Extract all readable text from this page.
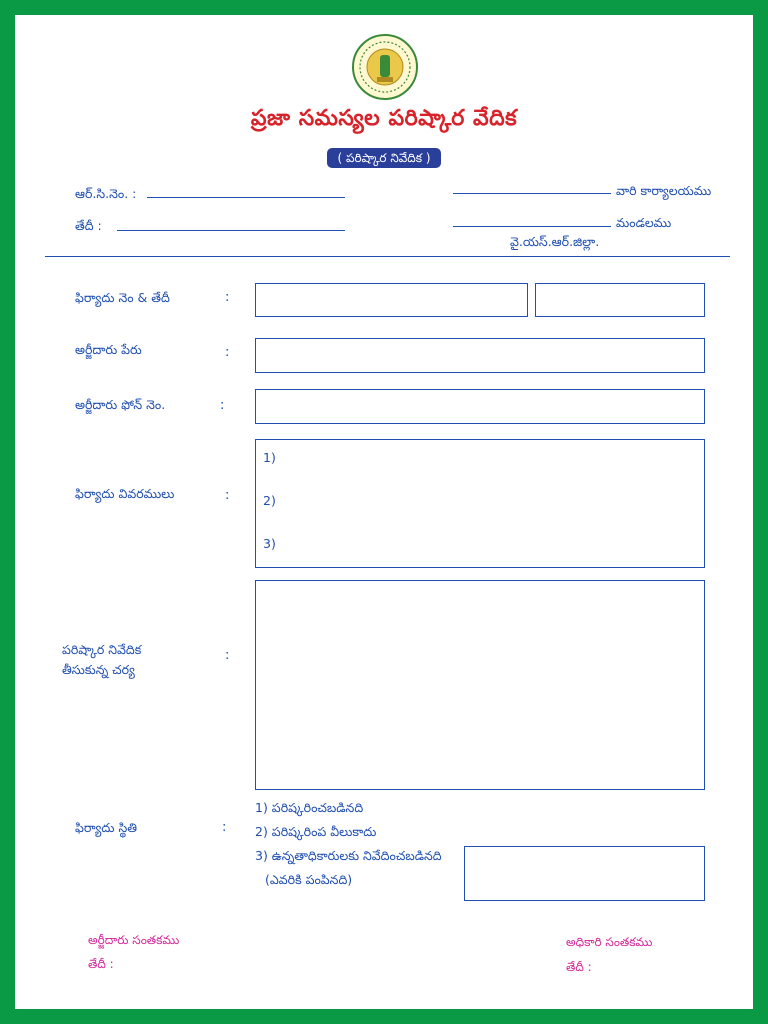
ప్రజా సమస్యల పరిష్కార వేదిక
( పరిష్కార నివేదిక )
ఆర్.సి.నెం. :
తేదీ :
వారి కార్యాలయము
మండలము
వై.యస్.ఆర్.జిల్లా.
ఫిర్యాదు నెం & తేదీ	:
అర్జీదారు పేరు	:
అర్జీదారు ఫోన్ నెం.	:
ఫిర్యాదు వివరములు	:
1)
2)
3)
పరిష్కార నివేదిక
తీసుకున్న చర్య
:
ఫిర్యాదు స్థితి	:
1) పరిష్కరించబడినది
2) పరిష్కరింప వీలుకాదు
3) ఉన్నతాధికారులకు నివేదించబడినది
(ఎవరికి పంపినది)
అర్జీదారు సంతకము
తేదీ :
అధికారి సంతకము
తేదీ :
